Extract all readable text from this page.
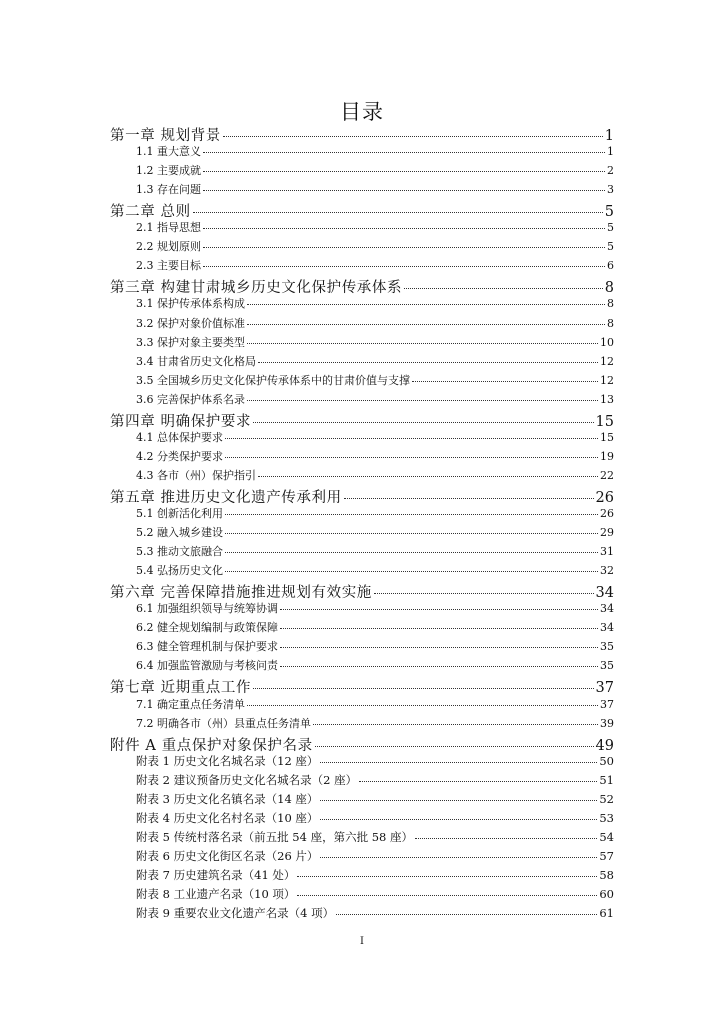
目录
第一章 规划背景	1
1.1 重大意义	1
1.2 主要成就	2
1.3 存在问题	3
第二章 总则	5
2.1 指导思想	5
2.2 规划原则	5
2.3 主要目标	6
第三章 构建甘肃城乡历史文化保护传承体系	8
3.1 保护传承体系构成	8
3.2 保护对象价值标准	8
3.3 保护对象主要类型	10
3.4 甘肃省历史文化格局	12
3.5 全国城乡历史文化保护传承体系中的甘肃价值与支撑	12
3.6 完善保护体系名录	13
第四章 明确保护要求	15
4.1 总体保护要求	15
4.2 分类保护要求	19
4.3 各市（州）保护指引	22
第五章 推进历史文化遗产传承利用	26
5.1 创新活化利用	26
5.2 融入城乡建设	29
5.3 推动文旅融合	31
5.4 弘扬历史文化	32
第六章 完善保障措施推进规划有效实施	34
6.1 加强组织领导与统筹协调	34
6.2 健全规划编制与政策保障	34
6.3 健全管理机制与保护要求	35
6.4 加强监管激励与考核问责	35
第七章 近期重点工作	37
7.1 确定重点任务清单	37
7.2 明确各市（州）县重点任务清单	39
附件 A 重点保护对象保护名录	49
附表 1 历史文化名城名录（12 座）	50
附表 2 建议预备历史文化名城名录（2 座）	51
附表 3 历史文化名镇名录（14 座）	52
附表 4 历史文化名村名录（10 座）	53
附表 5 传统村落名录（前五批 54 座，第六批 58 座）	54
附表 6 历史文化街区名录（26 片）	57
附表 7 历史建筑名录（41 处）	58
附表 8 工业遗产名录（10 项）	60
附表 9 重要农业文化遗产名录（4 项）	61
I
